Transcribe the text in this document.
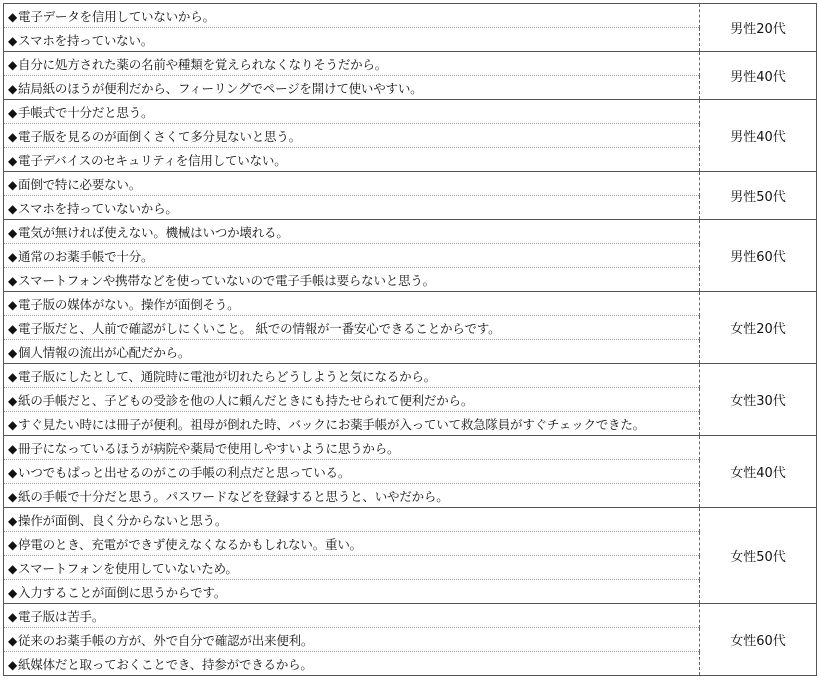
◆電子データを信用していないから。	男性20代
◆スマホを持っていない。	
◆自分に処方された薬の名前や種類を覚えられなくなりそうだから。	男性40代
◆結局紙のほうが便利だから、フィーリングでページを開けて使いやすい。	
◆手帳式で十分だと思う。	男性40代
◆電子版を見るのが面倒くさくて多分見ないと思う。	
◆電子デバイスのセキュリティを信用していない。	
◆面倒で特に必要ない。	男性50代
◆スマホを持っていないから。	
◆電気が無ければ使えない。機械はいつか壊れる。	男性60代
◆通常のお薬手帳で十分。	
◆スマートフォンや携帯などを使っていないので電子手帳は要らないと思う。	
◆電子版の媒体がない。操作が面倒そう。	女性20代
◆電子版だと、人前で確認がしにくいこと。 紙での情報が一番安心できることからです。	
◆個人情報の流出が心配だから。	
◆電子版にしたとして、通院時に電池が切れたらどうしようと気になるから。	女性30代
◆紙の手帳だと、子どもの受診を他の人に頼んだときにも持たせられて便利だから。	
◆すぐ見たい時には冊子が便利。祖母が倒れた時、バックにお薬手帳が入っていて救急隊員がすぐチェックできた。	
◆冊子になっているほうが病院や薬局で使用しやすいように思うから。	女性40代
◆いつでもぱっと出せるのがこの手帳の利点だと思っている。	
◆紙の手帳で十分だと思う。パスワードなどを登録すると思うと、いやだから。	
◆操作が面倒、良く分からないと思う。	女性50代
◆停電のとき、充電ができず使えなくなるかもしれない。重い。	
◆スマートフォンを使用していないため。	
◆入力することが面倒に思うからです。	
◆電子版は苦手。	女性60代
◆従来のお薬手帳の方が、外で自分で確認が出来便利。	
◆紙媒体だと取っておくことでき、持参ができるから。	
